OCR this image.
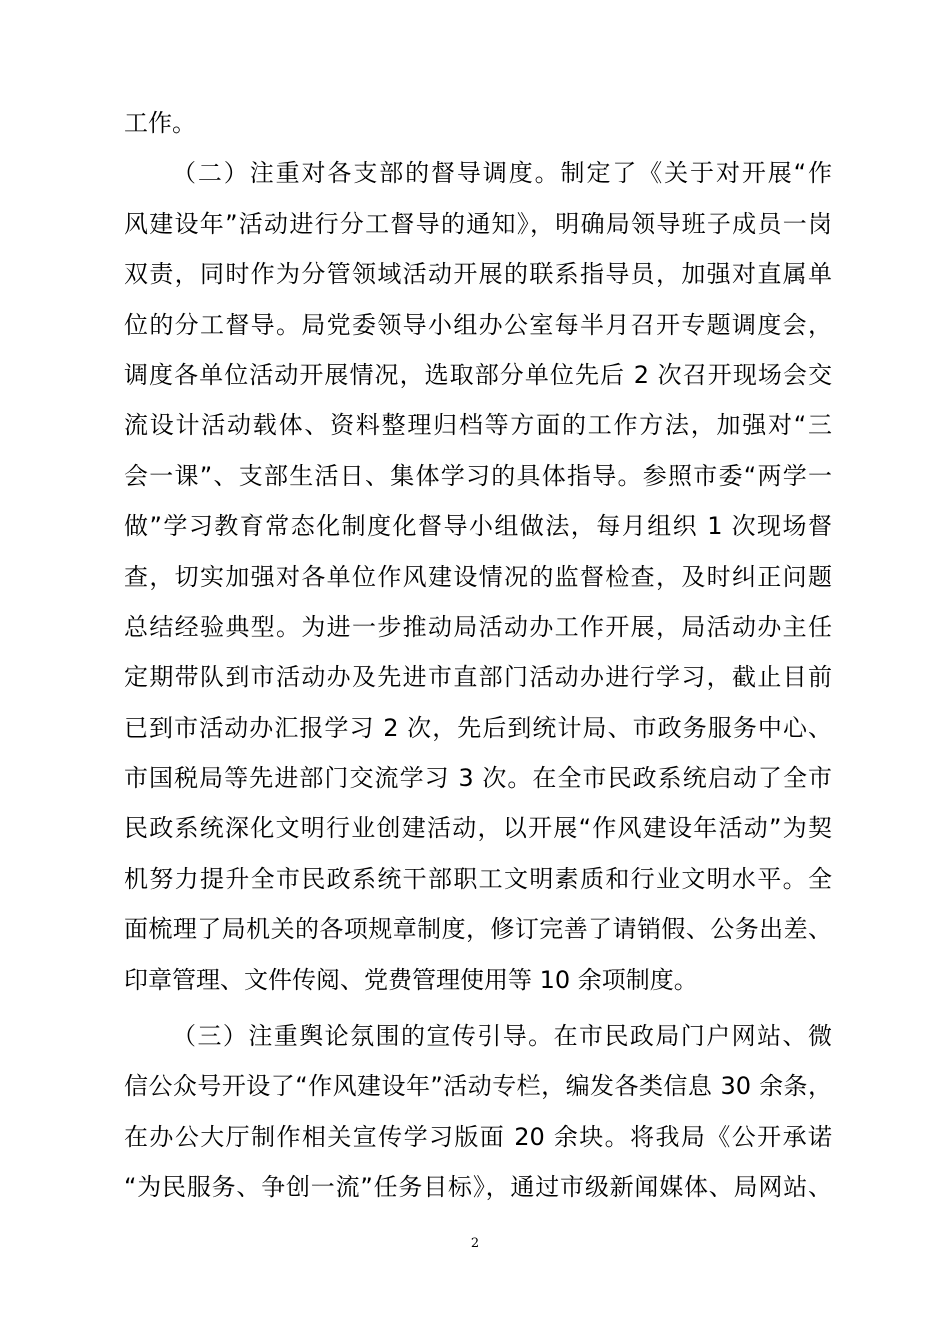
工作。
（二）注重对各支部的督导调度。制定了《关于对开展“作
风建设年”活动进行分工督导的通知》，明确局领导班子成员一岗
双责，同时作为分管领域活动开展的联系指导员，加强对直属单
位的分工督导。局党委领导小组办公室每半月召开专题调度会，
调度各单位活动开展情况，选取部分单位先后 2 次召开现场会交
流设计活动载体、资料整理归档等方面的工作方法，加强对“三
会一课”、支部生活日、集体学习的具体指导。参照市委“两学一
做”学习教育常态化制度化督导小组做法，每月组织 1 次现场督
查，切实加强对各单位作风建设情况的监督检查，及时纠正问题
总结经验典型。为进一步推动局活动办工作开展，局活动办主任
定期带队到市活动办及先进市直部门活动办进行学习，截止目前
已到市活动办汇报学习 2 次，先后到统计局、市政务服务中心、
市国税局等先进部门交流学习 3 次。在全市民政系统启动了全市
民政系统深化文明行业创建活动，以开展“作风建设年活动”为契
机努力提升全市民政系统干部职工文明素质和行业文明水平。全
面梳理了局机关的各项规章制度，修订完善了请销假、公务出差、
印章管理、文件传阅、党费管理使用等 10 余项制度。
（三）注重舆论氛围的宣传引导。在市民政局门户网站、微
信公众号开设了“作风建设年”活动专栏，编发各类信息 30 余条，
在办公大厅制作相关宣传学习版面 20 余块。将我局《公开承诺
“为民服务、争创一流”任务目标》，通过市级新闻媒体、局网站、
2
